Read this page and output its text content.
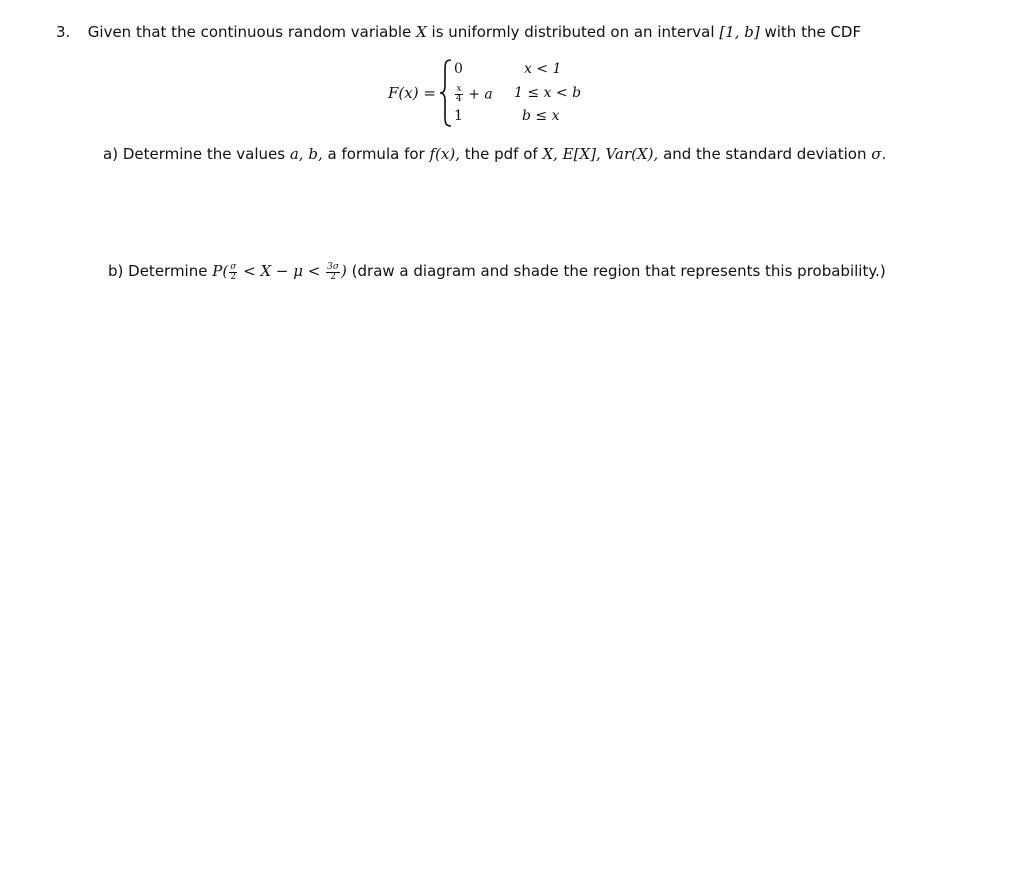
3. Given that the continuous random variable X is uniformly distributed on an interval [1, b] with the CDF
F(x) =
0	x < 1
$\frac{x}{4} + a$ 1 ≤ x < b
1	b ≤ x
a) Determine the values a, b, a formula for f(x), the pdf of X, E[X], Var(X), and the standard deviation σ.
b) Determine $P( \frac{\sigma}{2} < X - \mu < \frac{3\sigma}{2}$ ) (draw a diagram and shade the region that represents this probability.)
